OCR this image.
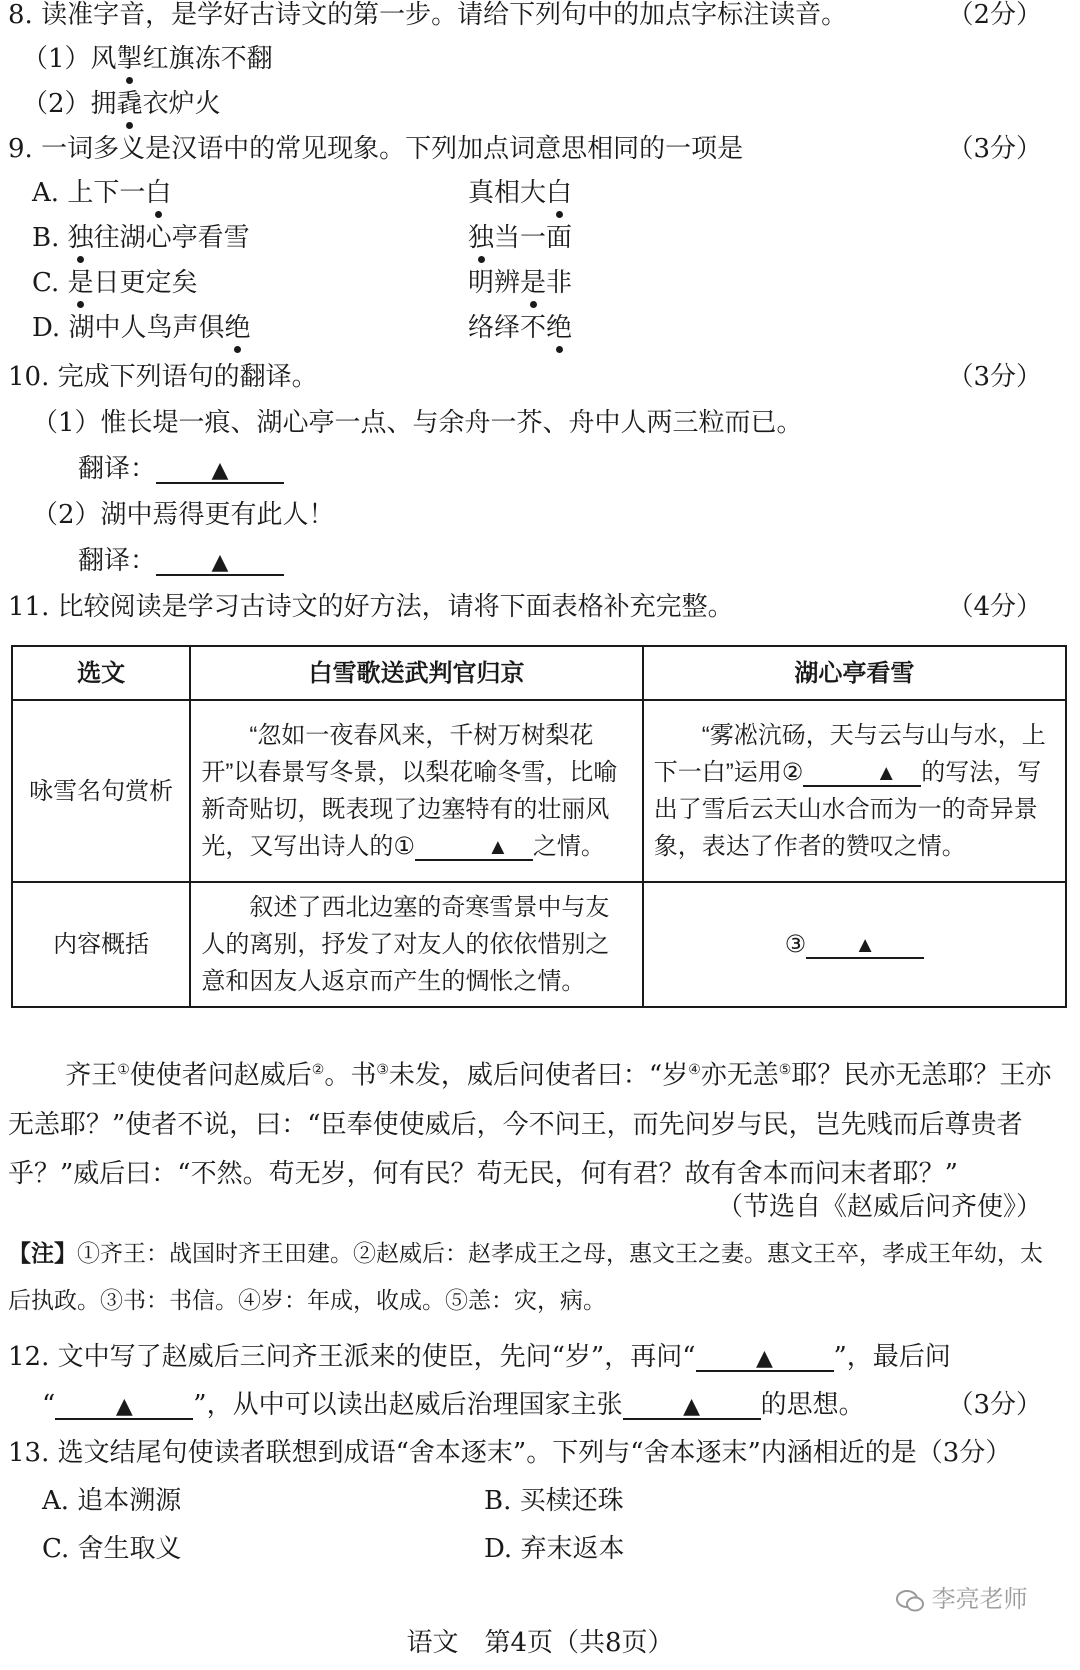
8. 读准字音，是学好古诗文的第一步。请给下列句中的加点字标注读音。	（2分）
（1）风掣红旗冻不翻
（2）拥毳衣炉火
9. 一词多义是汉语中的常见现象。下列加点词意思相同的一项是	（3分）
A. 上下一白	真相大白
B. 独往湖心亭看雪	独当一面
C. 是日更定矣	明辨是非
D. 湖中人鸟声俱绝	络绎不绝
10. 完成下列语句的翻译。	（3分）
（1）惟长堤一痕、湖心亭一点、与余舟一芥、舟中人两三粒而已。
翻译：	▲
（2）湖中焉得更有此人！
翻译：	▲
11. 比较阅读是学习古诗文的好方法，请将下面表格补充完整。	（4分）
选文	白雪歌送武判官归京	湖心亭看雪
咏雪名句赏析	“忽如一夜春风来，千树万树梨花开”以春景写冬景，以梨花喻冬雪，比喻新奇贴切，既表现了边塞特有的壮丽风光，又写出诗人的① ▲ 之情。	“雾凇沆砀，天与云与山与水，上下一白”运用② ▲ 的写法，写出了雪后云天山水合而为一的奇异景象，表达了作者的赞叹之情。

内容概括	叙述了西北边塞的奇寒雪景中与友人的离别，抒发了对友人的依依惜别之意和因友人返京而产生的惆怅之情。	③ ▲
齐王①使使者问赵威后②。书③未发，威后问使者曰：“岁④亦无恙⑤耶？民亦无恙耶？王亦无恙耶？”使者不说，曰：“臣奉使使威后，今不问王，而先问岁与民，岂先贱而后尊贵者乎？”威后曰：“不然。苟无岁，何有民？苟无民，何有君？故有舍本而问末者耶？”
（节选自《赵威后问齐使》）
【注】①齐王：战国时齐王田建。②赵威后：赵孝成王之母，惠文王之妻。惠文王卒，孝成王年幼，太
后执政。③书：书信。④岁：年成，收成。⑤恙：灾，病。
12. 文中写了赵威后三问齐王派来的使臣，先问“岁”，再问“	▲ ”，最后问
“	▲ ”，从中可以读出赵威后治理国家主张	▲ 的思想。	（3分）
13. 选文结尾句使读者联想到成语“舍本逐末”。下列与“舍本逐末”内涵相近的是（3分）
A. 追本溯源	B. 买椟还珠
C. 舍生取义	D. 弃末返本
李亮老师
语文　第4页（共8页）
